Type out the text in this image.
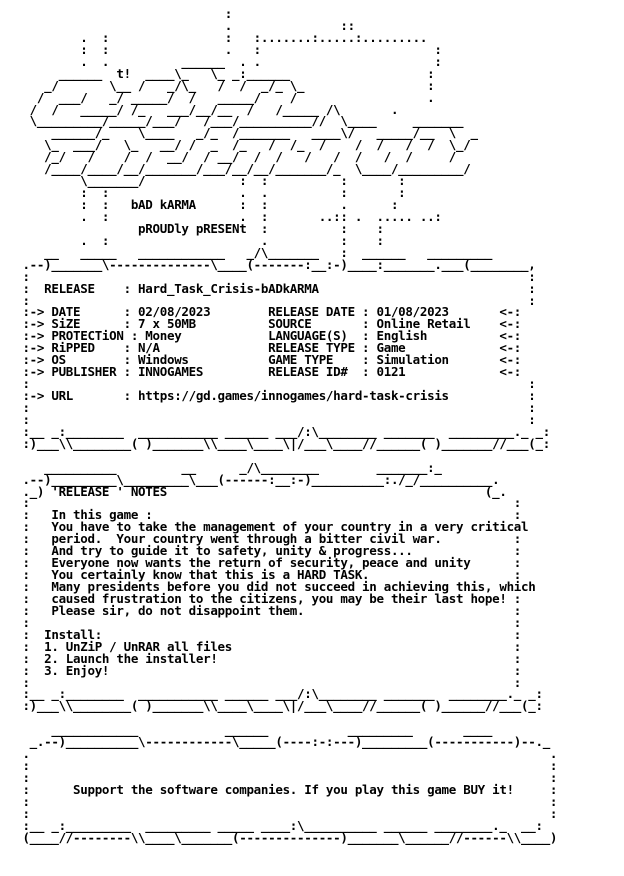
:
.               ::
.  :                :   :.......:.....:.........
:  :                .   :                        :
.  .          ______  . .                        :
______  t!  ____\_   \_ _:______                   :
_/       \__ /   _/\_   /  /  _/_ \_                 :
/  ___/   _/ _____/  /   _____/    /                  .
/  /   _____/ /_   ___/__/__  /   /_____ /\       .
\_________/_____/___/   /___/__________//  \____     _______
______/_    \____   _/_  /_______   ____\/   _____/__  \  _
\_  ___/   \_   __/ /  _  /_   /  /_  /    /  /   /  /  \_/
/_/   /    /  /  __/  / __/  /  /   /   /  /   /  /     /
/____/____/__/_______/___/__/__/_______/_  \____/_________/
\_______/             :  :          :       :
:  :                  .  .          :       :
:  :   bAD kARMA      :  :          .      :
.  :                  .  :       ..:: .  ..... ..:
pROUDly pRESENt  :          :    :
.  :                     .          :    :
__   _____   ____________   _/\_______   :  ______   _________
.--)_______\--------------\____(-------:__:-)____:_______.___(________,
:                                                                     :
:  RELEASE    : Hard_Task_Crisis-bADkARMA                             :
:                                                                     :
:-> DATE      : 02/08/2023        RELEASE DATE : 01/08/2023       <-:
:-> SiZE      : 7 x 50MB          SOURCE       : Online Retail    <-:
:-> PROTECTiON : Money            LANGUAGE(S)  : English          <-:
:-> RiPPED    : N/A               RELEASE TYPE : Game             <-:
:-> OS        : Windows           GAME TYPE    : Simulation       <-:
:-> PUBLISHER : INNOGAMES         RELEASE ID#  : 0121             <-:
:                                                                     :
:-> URL       : https://gd.games/innogames/hard-task-crisis           :
:                                                                     :
:                                                                     :
:__ _:________  ___________ ______ ___/:\________ _______  _________._ _:
:)___\\________( )_______\\____\____\|/___\____//______( )_______//___(_:

__________         __      _/\________        _______:_
.--)_________\_________\___(------:__:-)__________:./_/__________.
._) 'RELEASE ' NOTES                                            (_.
:                                                                   :
:   In this game :                                                  :
:   You have to take the management of your country in a very critical
:   period.  Your country went through a bitter civil war.          :
:   And try to guide it to safety, unity & progress...              :
:   Everyone now wants the return of security, peace and unity      :
:   You certainly know that this is a HARD TASK.                    :
:   Many presidents before you did not succeed in achieving this, which
:   caused frustration to the citizens, you may be their last hope! :
:   Please sir, do not disappoint them.                             :
:                                                                   :
:  Install:                                                         :
:  1. UnZiP / UnRAR all files                                       :
:  2. Launch the installer!                                         :
:  3. Enjoy!                                                        :
:                                                                   :
:__ _:________  ___________ ______ ___/:\________ _______  ________._ _:
:)___\\________( )_______\\____\____\|/___\____//______( )______//___(_:

____________            ______           _________       ____
_.--)__________\------------\_____(----:-:---)_________(-----------)--._
.                                                                        .
:                                                                        :
:                                                                        :
:      Support the software companies. If you play this game BUY it!     :
:                                                                        :
:                                                                        :
:__ _:_________  _________ _____ ____:\__________ ______ ________._  __:
(____//--------\\____\_______(--------------)_______\______//------\\____)
